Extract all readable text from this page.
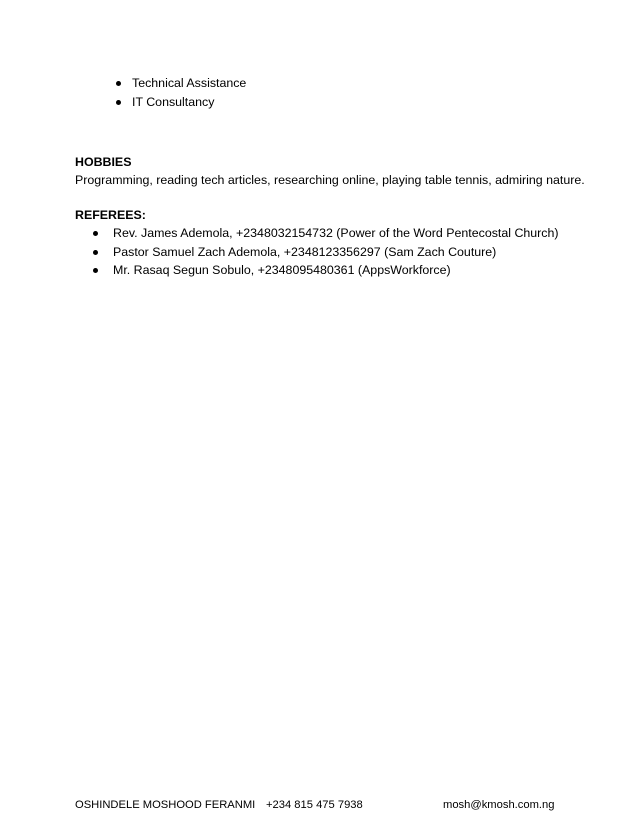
Technical Assistance
IT Consultancy
HOBBIES
Programming, reading tech articles, researching online, playing table tennis, admiring nature.
REFEREES:
Rev. James Ademola, +2348032154732 (Power of the Word Pentecostal Church)
Pastor Samuel Zach Ademola, +2348123356297 (Sam Zach Couture)
Mr. Rasaq Segun Sobulo, +2348095480361 (AppsWorkforce)
OSHINDELE MOSHOOD FERANMI +234 815 475 7938	mosh@kmosh.com.ng
